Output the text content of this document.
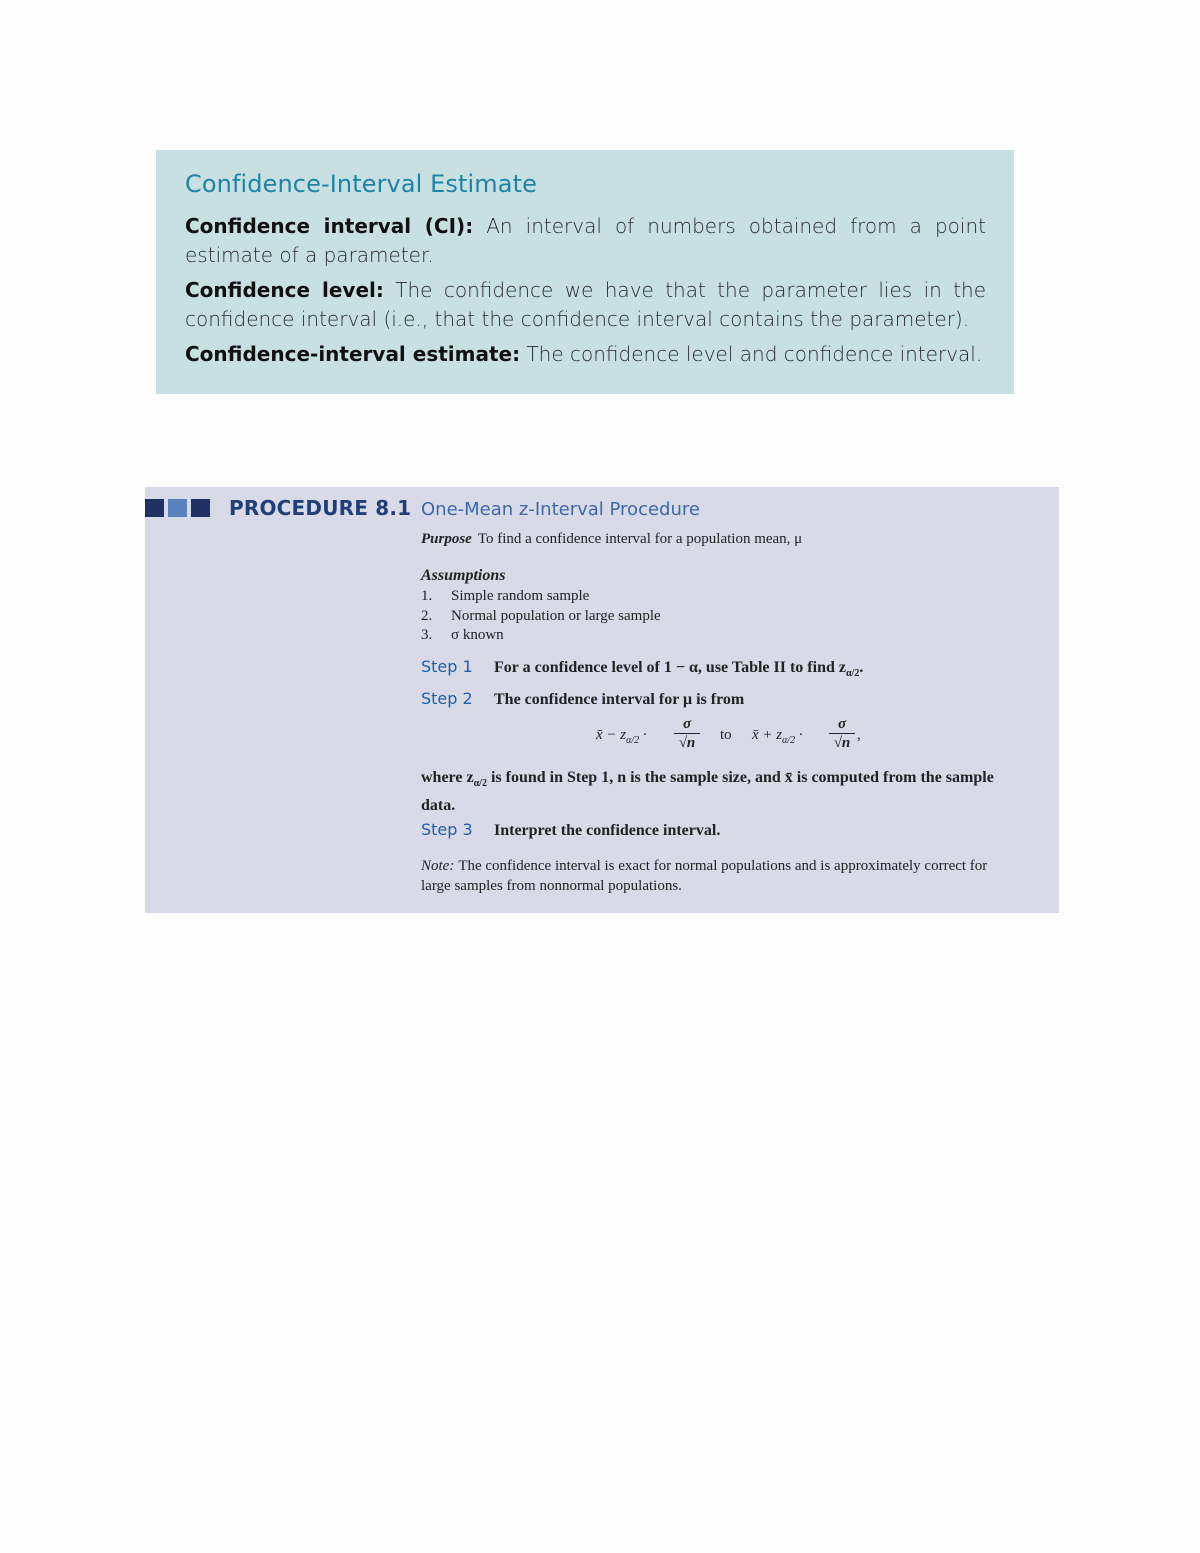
Confidence-Interval Estimate

Confidence interval (CI): An interval of numbers obtained from a point estimate of a parameter.

Confidence level: The confidence we have that the parameter lies in the confidence interval (i.e., that the confidence interval contains the parameter).

Confidence-interval estimate: The confidence level and confidence interval.

PROCEDURE 8.1 One-Mean z-Interval Procedure

Purpose To find a confidence interval for a population mean, μ

Assumptions
1. Simple random sample
2. Normal population or large sample
3. σ known
Step 1 For a confidence level of 1 − α, use Table II to find $z_{\alpha/2}$.
Step 2 The confidence interval for μ is from
x̄ − $z_{\alpha/2}$ ·
σ
√n	to x̄ + $z_{\alpha/2}$ ·
σ
√n ,
where $z_{\alpha/2}$ is found in Step 1, n is the sample size, and x̄ is computed from the sample data.
Step 3 Interpret the confidence interval.
Note: The confidence interval is exact for normal populations and is approximately correct for large samples from nonnormal populations.
